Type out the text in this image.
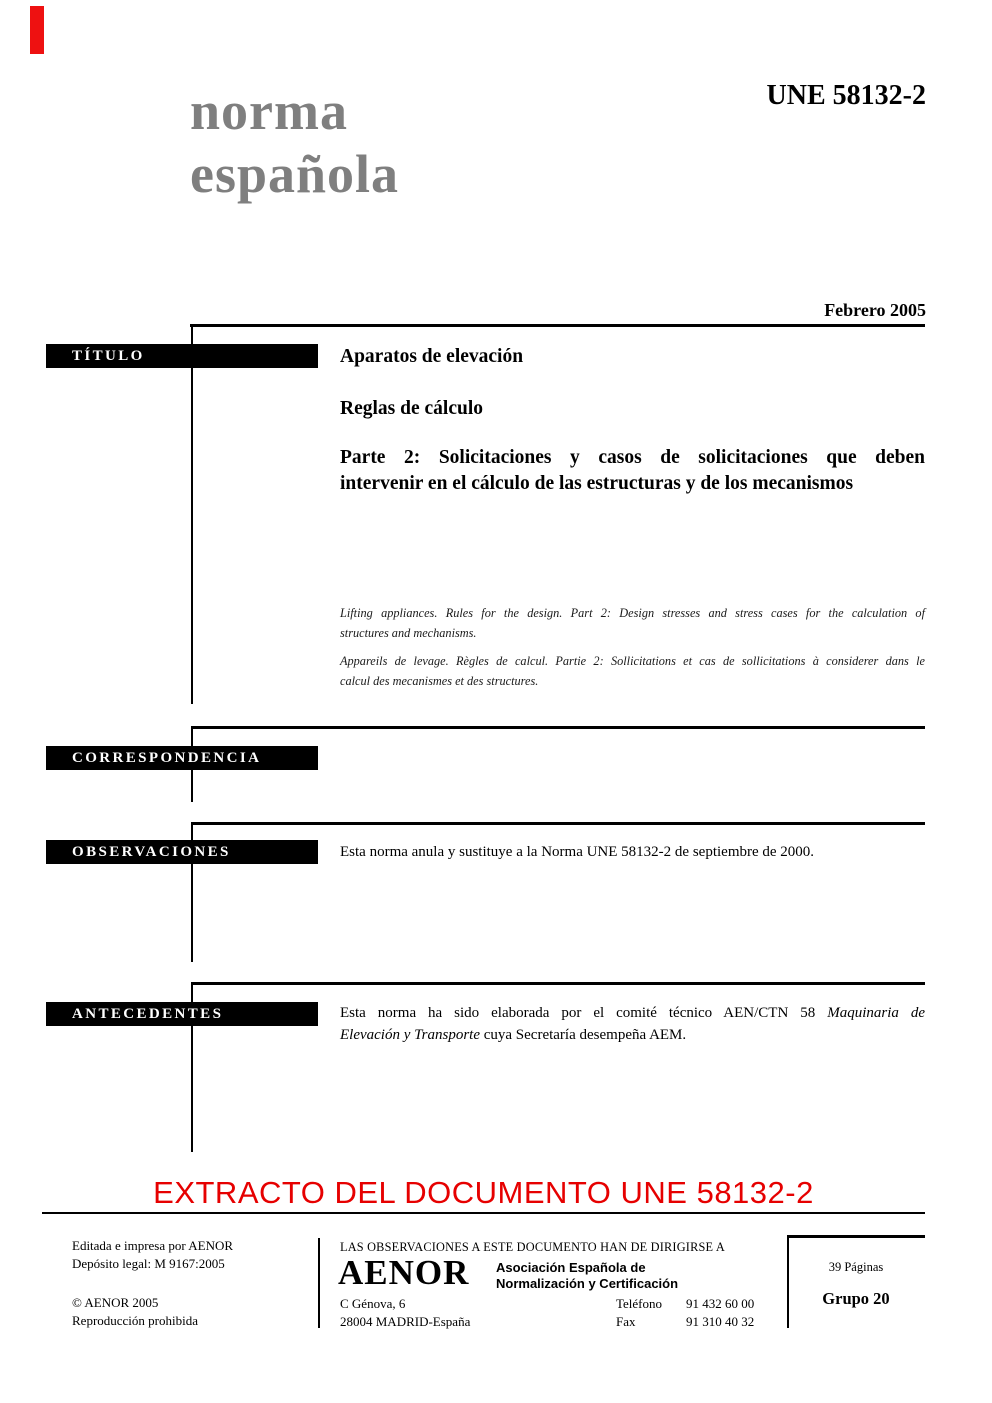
norma
española
UNE 58132-2
Febrero 2005
TÍTULO
CORRESPONDENCIA
OBSERVACIONES
ANTECEDENTES
Aparatos de elevación
Reglas de cálculo
Parte 2: Solicitaciones y casos de solicitaciones que deben
intervenir en el cálculo de las estructuras y de los mecanismos
Lifting appliances. Rules for the design. Part 2: Design stresses and stress cases for the calculation of
structures and mechanisms.
Appareils de levage. Règles de calcul. Partie 2: Sollicitations et cas de sollicitations à considerer dans le
calcul des mecanismes et des structures.
Esta norma anula y sustituye a la Norma UNE 58132-2 de septiembre de 2000.
Esta norma ha sido elaborada por el comité técnico AEN/CTN 58 Maquinaria de
Elevación y Transporte cuya Secretaría desempeña AEM.
EXTRACTO DEL DOCUMENTO UNE 58132-2
Editada e impresa por AENOR
Depósito legal: M 9167:2005
© AENOR 2005
Reproducción prohibida
LAS OBSERVACIONES A ESTE DOCUMENTO HAN DE DIRIGIRSE A
AENOR Asociación Española de
Normalización y Certificación
C Génova, 6
28004 MADRID-España
Teléfono 91 432 60 00
Fax	91 310 40 32
39 Páginas
Grupo 20
